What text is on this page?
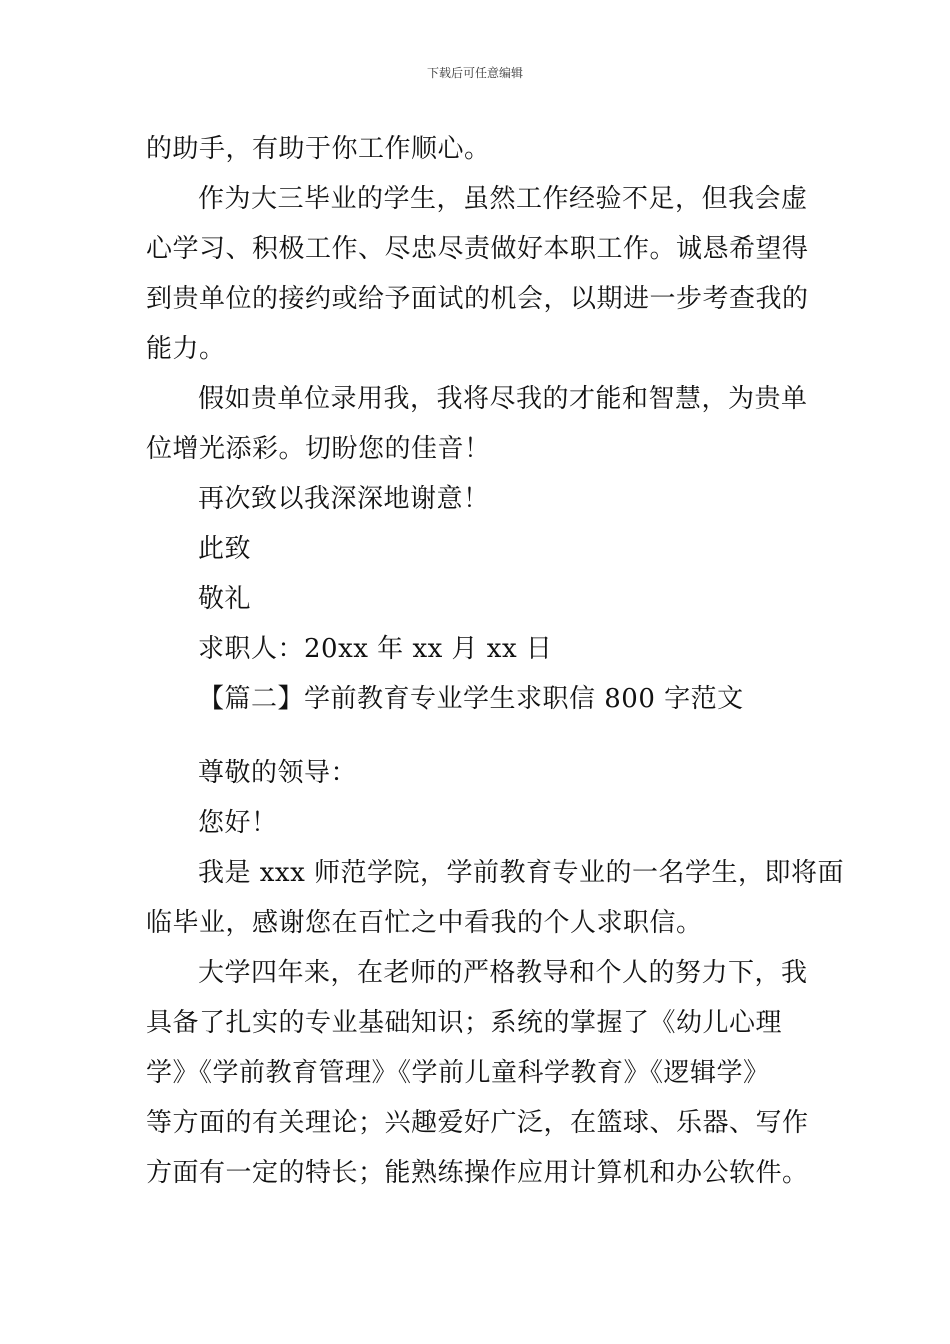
下载后可任意编辑
的助手，有助于你工作顺心。
作为大三毕业的学生，虽然工作经验不足，但我会虚
心学习、积极工作、尽忠尽责做好本职工作。诚恳希望得
到贵单位的接约或给予面试的机会，以期进一步考查我的
能力。
假如贵单位录用我，我将尽我的才能和智慧，为贵单
位增光添彩。切盼您的佳音！
再次致以我深深地谢意！
此致
敬礼
求职人：20xx 年 xx 月 xx 日
【篇二】学前教育专业学生求职信 800 字范文
尊敬的领导：
您好！
我是 xxx 师范学院，学前教育专业的一名学生，即将面
临毕业，感谢您在百忙之中看我的个人求职信。
大学四年来，在老师的严格教导和个人的努力下，我
具备了扎实的专业基础知识；系统的掌握了《幼儿心理
学》《学前教育管理》《学前儿童科学教育》《逻辑学》
等方面的有关理论；兴趣爱好广泛，在篮球、乐器、写作
方面有一定的特长；能熟练操作应用计算机和办公软件。
